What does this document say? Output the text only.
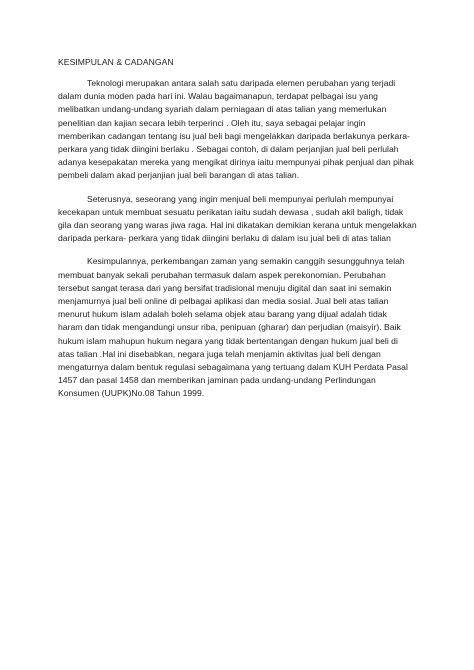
KESIMPULAN & CADANGAN
Teknologi merupakan antara salah satu daripada elemen perubahan yang terjadi
dalam dunia moden pada hari ini. Walau bagaimanapun, terdapat pelbagai isu yang
melibatkan undang-undang syariah dalam perniagaan di atas talian yang memerlukan
penelitian dan kajian secara lebih terperinci . Oleh itu, saya sebagai pelajar ingin
memberikan cadangan tentang isu jual beli bagi mengelakkan daripada berlakunya perkara-
perkara yang tidak diingini berlaku . Sebagai contoh, di dalam perjanjian jual beli perlulah
adanya kesepakatan mereka yang mengikat dirinya iaitu mempunyai pihak penjual dan pihak
pembeli dalam akad perjanjian jual beli barangan di atas talian.
Seterusnya, seseorang yang ingin menjual beli mempunyai perlulah mempunyai
kecekapan untuk membuat sesuatu perikatan iaitu sudah dewasa , sudah akil baligh, tidak
gila dan seorang yang waras jiwa raga. Hal ini dikatakan demikian kerana untuk mengelakkan
daripada perkara- perkara yang tidak diingini berlaku di dalam isu jual beli di atas talian
Kesimpulannya, perkembangan zaman yang semakin canggih sesungguhnya telah
membuat banyak sekali perubahan termasuk dalam aspek perekonomian. Perubahan
tersebut sangat terasa dari yang bersifat tradisional menuju digital dan saat ini semakin
menjamurnya jual beli online di pelbagai aplikasi dan media sosial. Jual beli atas talian
menurut hukum islam adalah boleh selama objek atau barang yang dijual adalah tidak
haram dan tidak mengandungi unsur riba, penipuan (gharar) dan perjudian (maisyir). Baik
hukum islam mahupun hukum negara yang tidak bertentangan dengan hukum jual beli di
atas talian .Hal ini disebabkan, negara juga telah menjamin aktivitas jual beli dengan
mengaturnya dalam bentuk regulasi sebagaimana yang tertuang dalam KUH Perdata Pasal
1457 dan pasal 1458 dan memberikan jaminan pada undang-undang Perlindungan
Konsumen (UUPK)No.08 Tahun 1999.
